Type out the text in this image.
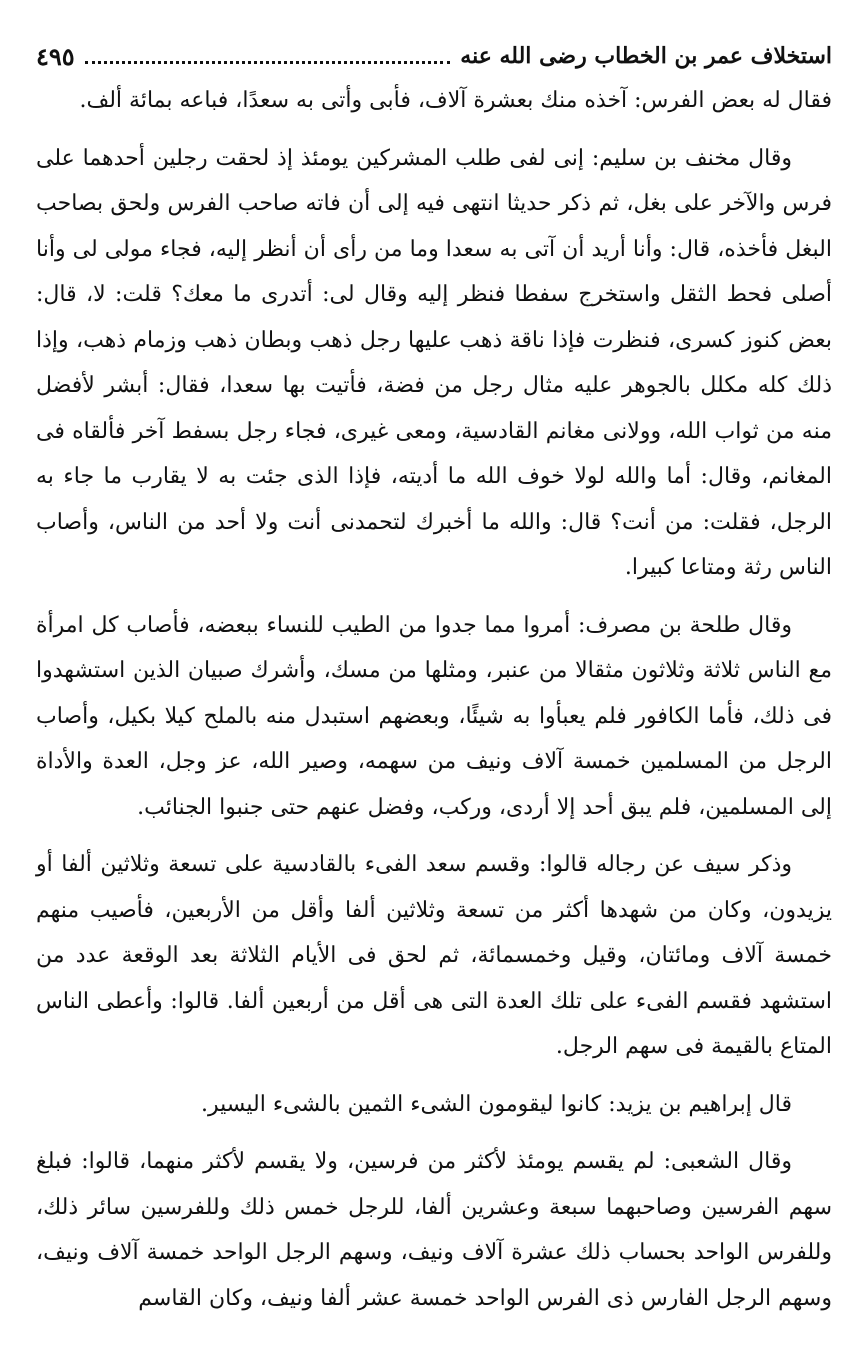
استخلاف عمر بن الخطاب رضى الله عنه
٤٩٥

فقال له بعض الفرس: آخذه منك بعشرة آلاف، فأبى وأتى به سعدًا، فباعه بمائة ألف.

وقال مخنف بن سليم: إنى لفى طلب المشركين يومئذ إذ لحقت رجلين أحدهما على فرس والآخر على بغل، ثم ذكر حديثا انتهى فيه إلى أن فاته صاحب الفرس ولحق بصاحب البغل فأخذه، قال: وأنا أريد أن آتى به سعدا وما من رأى أن أنظر إليه، فجاء مولى لى وأنا أصلى فحط الثقل واستخرج سفطا فنظر إليه وقال لى: أتدرى ما معك؟ قلت: لا، قال: بعض كنوز كسرى، فنظرت فإذا ناقة ذهب عليها رجل ذهب وبطان ذهب وزمام ذهب، وإذا ذلك كله مكلل بالجوهر عليه مثال رجل من فضة، فأتيت بها سعدا، فقال: أبشر لأفضل منه من ثواب الله، وولانى مغانم القادسية، ومعى غيرى، فجاء رجل بسفط آخر فألقاه فى المغانم، وقال: أما والله لولا خوف الله ما أديته، فإذا الذى جئت به لا يقارب ما جاء به الرجل، فقلت: من أنت؟ قال: والله ما أخبرك لتحمدنى أنت ولا أحد من الناس، وأصاب الناس رثة ومتاعا كبيرا.

وقال طلحة بن مصرف: أمروا مما جدوا من الطيب للنساء ببعضه، فأصاب كل امرأة مع الناس ثلاثة وثلاثون مثقالا من عنبر، ومثلها من مسك، وأشرك صبيان الذين استشهدوا فى ذلك، فأما الكافور فلم يعبأوا به شيئًا، وبعضهم استبدل منه بالملح كيلا بكيل، وأصاب الرجل من المسلمين خمسة آلاف ونيف من سهمه، وصير الله، عز وجل، العدة والأداة إلى المسلمين، فلم يبق أحد إلا أردى، وركب، وفضل عنهم حتى جنبوا الجنائب.

وذكر سيف عن رجاله قالوا: وقسم سعد الفىء بالقادسية على تسعة وثلاثين ألفا أو يزيدون، وكان من شهدها أكثر من تسعة وثلاثين ألفا وأقل من الأربعين، فأصيب منهم خمسة آلاف ومائتان، وقيل وخمسمائة، ثم لحق فى الأيام الثلاثة بعد الوقعة عدد من استشهد فقسم الفىء على تلك العدة التى هى أقل من أربعين ألفا. قالوا: وأعطى الناس المتاع بالقيمة فى سهم الرجل.

قال إبراهيم بن يزيد: كانوا ليقومون الشىء الثمين بالشىء اليسير.

وقال الشعبى: لم يقسم يومئذ لأكثر من فرسين، ولا يقسم لأكثر منهما، قالوا: فبلغ سهم الفرسين وصاحبهما سبعة وعشرين ألفا، للرجل خمس ذلك وللفرسين سائر ذلك، وللفرس الواحد بحساب ذلك عشرة آلاف ونيف، وسهم الرجل الواحد خمسة آلاف ونيف، وسهم الرجل الفارس ذى الفرس الواحد خمسة عشر ألفا ونيف، وكان القاسم
